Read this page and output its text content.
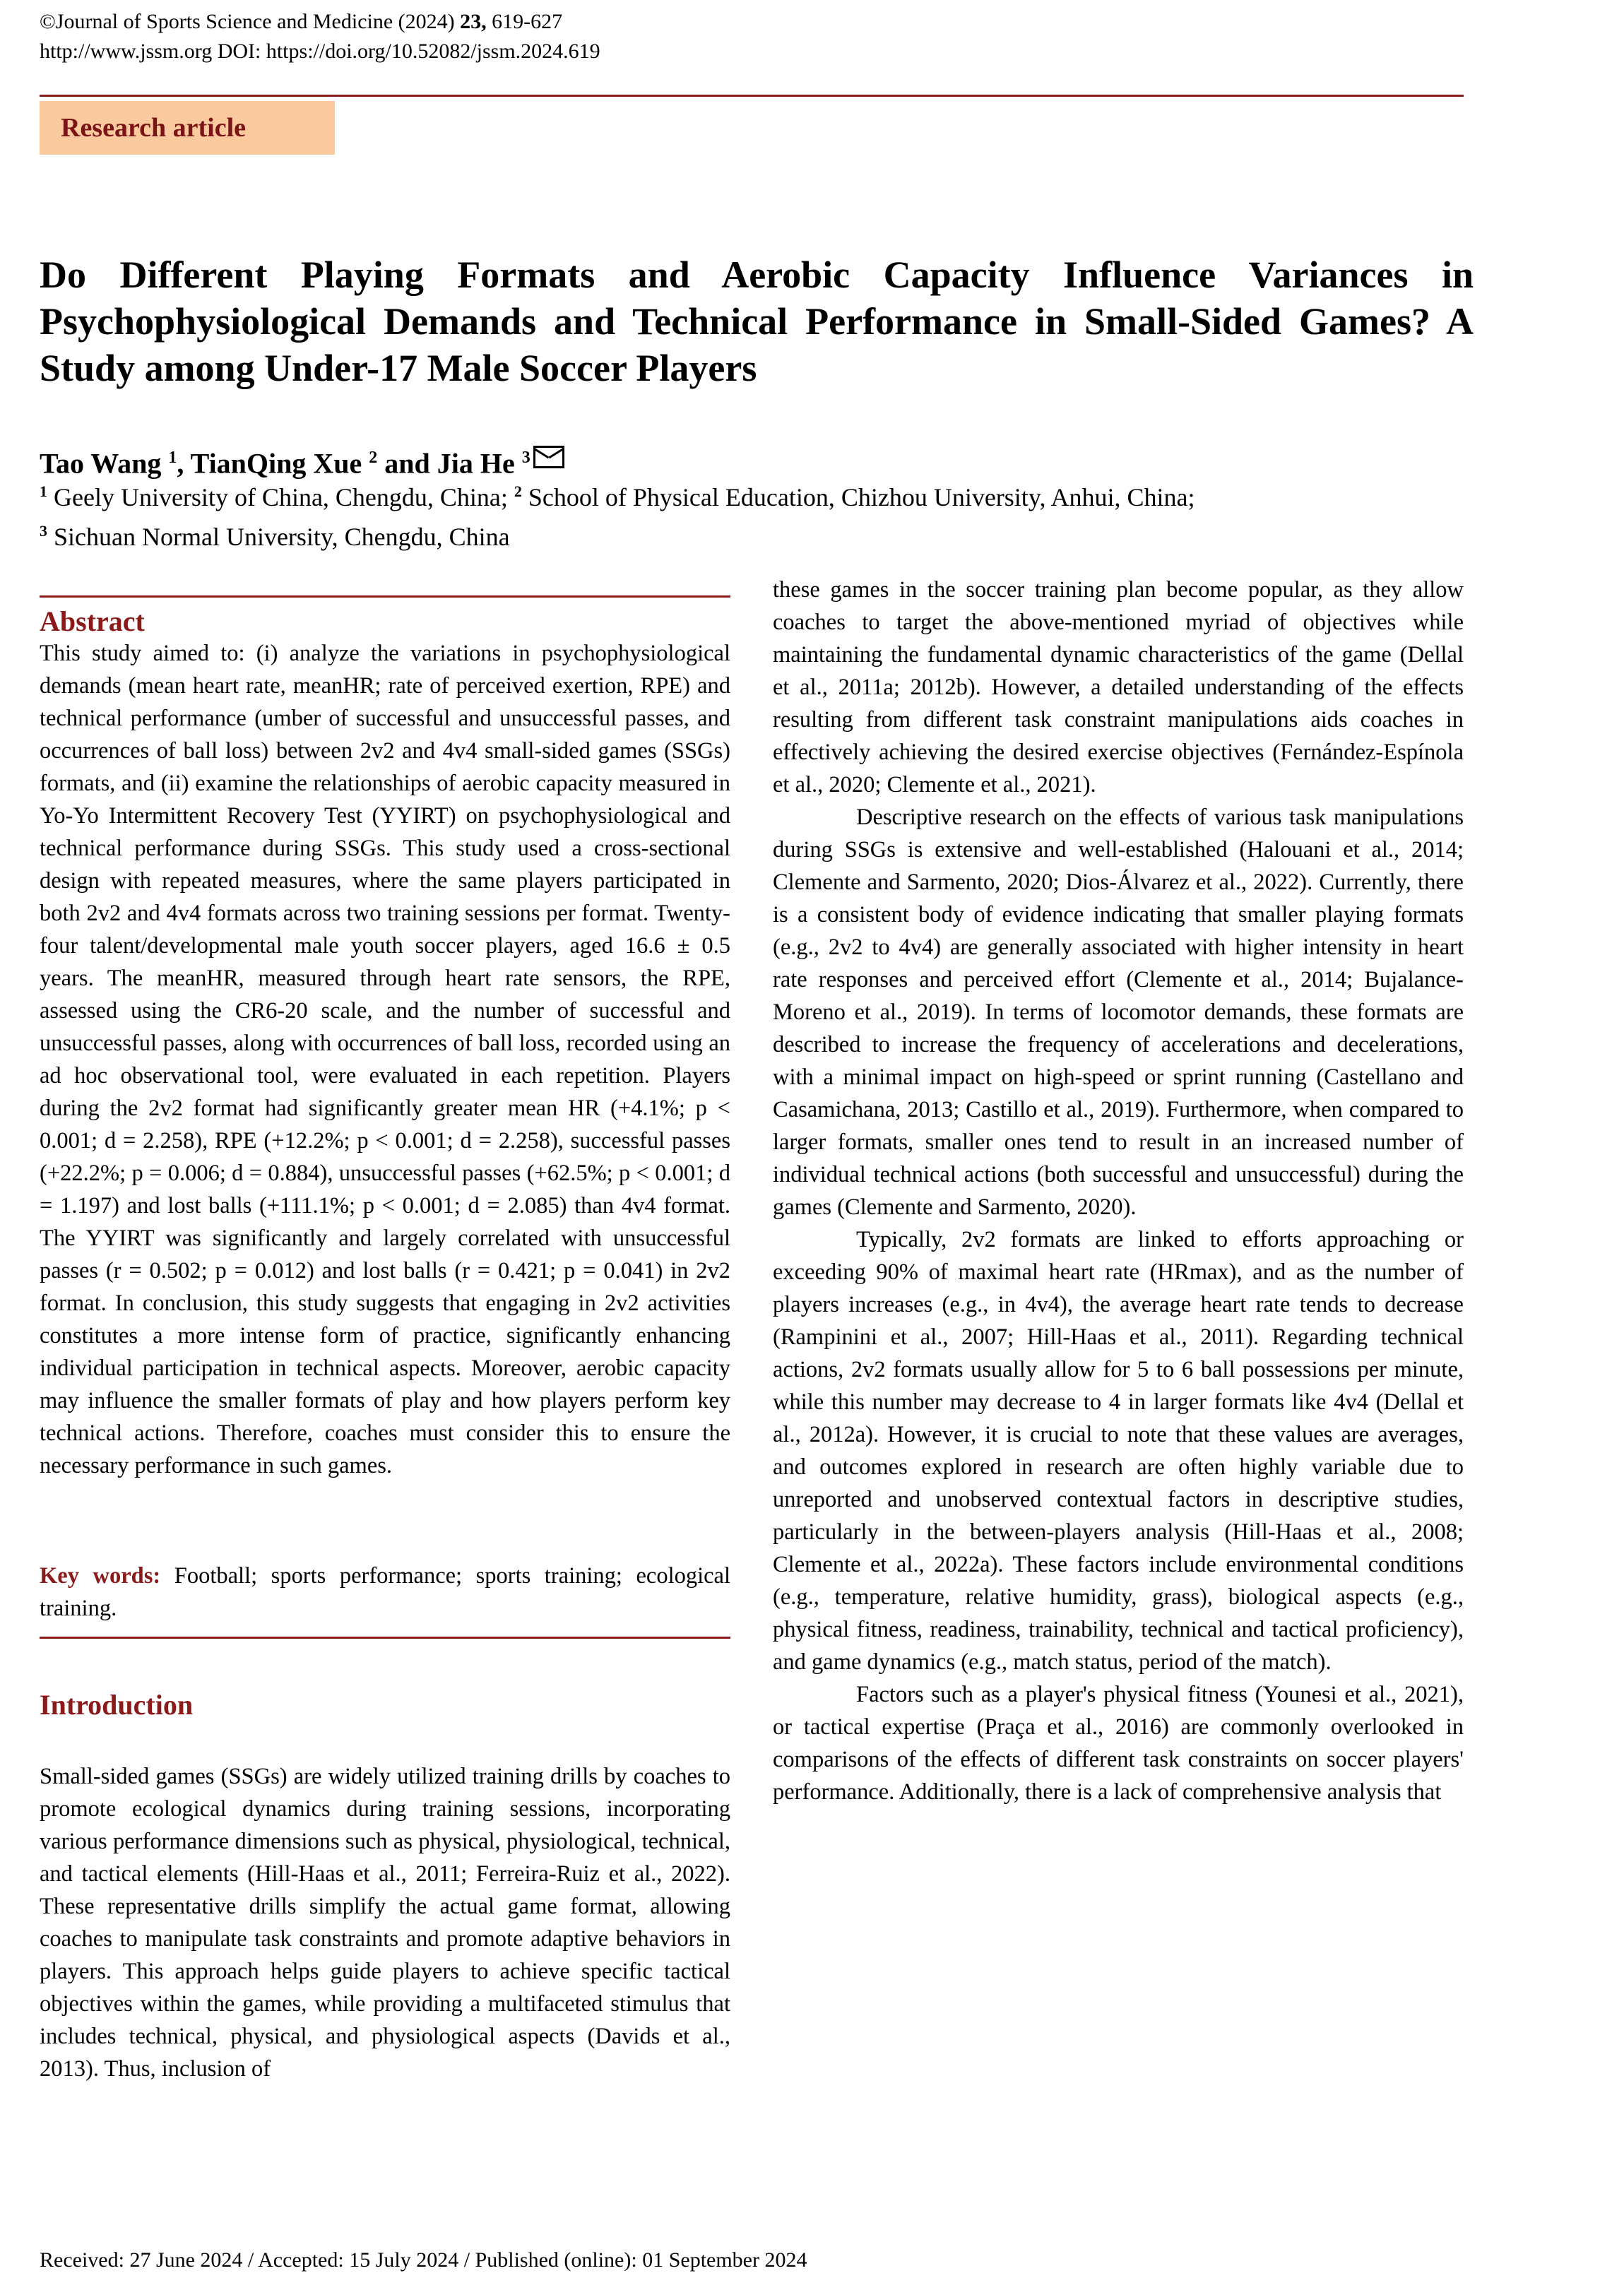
©Journal of Sports Science and Medicine (2024) 23, 619-627
http://www.jssm.org DOI: https://doi.org/10.52082/jssm.2024.619
Research article
Do Different Playing Formats and Aerobic Capacity Influence Variances in Psychophysiological Demands and Technical Performance in Small-Sided Games? A Study among Under-17 Male Soccer Players
Tao Wang $^1$, TianQing Xue $^2$ and Jia He $^3$
$^1$ Geely University of China, Chengdu, China; $^2$ School of Physical Education, Chizhou University, Anhui, China;
$^3$ Sichuan Normal University, Chengdu, China
Abstract

This study aimed to: (i) analyze the variations in psychophysiological demands (mean heart rate, meanHR; rate of perceived exertion, RPE) and technical performance (umber of successful and unsuccessful passes, and occurrences of ball loss) between 2v2 and 4v4 small-sided games (SSGs) formats, and (ii) examine the relationships of aerobic capacity measured in Yo-Yo Intermittent Recovery Test (YYIRT) on psychophysiological and technical performance during SSGs. This study used a cross-sectional design with repeated measures, where the same players participated in both 2v2 and 4v4 formats across two training sessions per format. Twenty-four talent/developmental male youth soccer players, aged 16.6 ± 0.5 years. The meanHR, measured through heart rate sensors, the RPE, assessed using the CR6-20 scale, and the number of successful and unsuccessful passes, along with occurrences of ball loss, recorded using an ad hoc observational tool, were evaluated in each repetition. Players during the 2v2 format had significantly greater mean HR (+4.1%; p < 0.001; d = 2.258), RPE (+12.2%; p < 0.001; d = 2.258), successful passes (+22.2%; p = 0.006; d = 0.884), unsuccessful passes (+62.5%; p < 0.001; d = 1.197) and lost balls (+111.1%; p < 0.001; d = 2.085) than 4v4 format. The YYIRT was significantly and largely correlated with unsuccessful passes (r = 0.502; p = 0.012) and lost balls (r = 0.421; p = 0.041) in 2v2 format. In conclusion, this study suggests that engaging in 2v2 activities constitutes a more intense form of practice, significantly enhancing individual participation in technical aspects. Moreover, aerobic capacity may influence the smaller formats of play and how players perform key technical actions. Therefore, coaches must consider this to ensure the necessary performance in such games.

Key words: Football; sports performance; sports training; ecological training.

Introduction

Small-sided games (SSGs) are widely utilized training drills by coaches to promote ecological dynamics during training sessions, incorporating various performance dimensions such as physical, physiological, technical, and tactical elements (Hill-Haas et al., 2011; Ferreira-Ruiz et al., 2022). These representative drills simplify the actual game format, allowing coaches to manipulate task constraints and promote adaptive behaviors in players. This approach helps guide players to achieve specific tactical objectives within the games, while providing a multifaceted stimulus that includes technical, physical, and physiological aspects (Davids et al., 2013). Thus, inclusion of

these games in the soccer training plan become popular, as they allow coaches to target the above-mentioned myriad of objectives while maintaining the fundamental dynamic characteristics of the game (Dellal et al., 2011a; 2012b). However, a detailed understanding of the effects resulting from different task constraint manipulations aids coaches in effectively achieving the desired exercise objectives (Fernández-Espínola et al., 2020; Clemente et al., 2021).

Descriptive research on the effects of various task manipulations during SSGs is extensive and well-established (Halouani et al., 2014; Clemente and Sarmento, 2020; Dios-Álvarez et al., 2022). Currently, there is a consistent body of evidence indicating that smaller playing formats (e.g., 2v2 to 4v4) are generally associated with higher intensity in heart rate responses and perceived effort (Clemente et al., 2014; Bujalance-Moreno et al., 2019). In terms of locomotor demands, these formats are described to increase the frequency of accelerations and decelerations, with a minimal impact on high-speed or sprint running (Castellano and Casamichana, 2013; Castillo et al., 2019). Furthermore, when compared to larger formats, smaller ones tend to result in an increased number of individual technical actions (both successful and unsuccessful) during the games (Clemente and Sarmento, 2020).

Typically, 2v2 formats are linked to efforts approaching or exceeding 90% of maximal heart rate (HRmax), and as the number of players increases (e.g., in 4v4), the average heart rate tends to decrease (Rampinini et al., 2007; Hill-Haas et al., 2011). Regarding technical actions, 2v2 formats usually allow for 5 to 6 ball possessions per minute, while this number may decrease to 4 in larger formats like 4v4 (Dellal et al., 2012a). However, it is crucial to note that these values are averages, and outcomes explored in research are often highly variable due to unreported and unobserved contextual factors in descriptive studies, particularly in the between-players analysis (Hill-Haas et al., 2008; Clemente et al., 2022a). These factors include environmental conditions (e.g., temperature, relative humidity, grass), biological aspects (e.g., physical fitness, readiness, trainability, technical and tactical proficiency), and game dynamics (e.g., match status, period of the match).

Factors such as a player's physical fitness (Younesi et al., 2021), or tactical expertise (Praça et al., 2016) are commonly overlooked in comparisons of the effects of different task constraints on soccer players' performance. Additionally, there is a lack of comprehensive analysis that

Received: 27 June 2024 / Accepted: 15 July 2024 / Published (online): 01 September 2024
